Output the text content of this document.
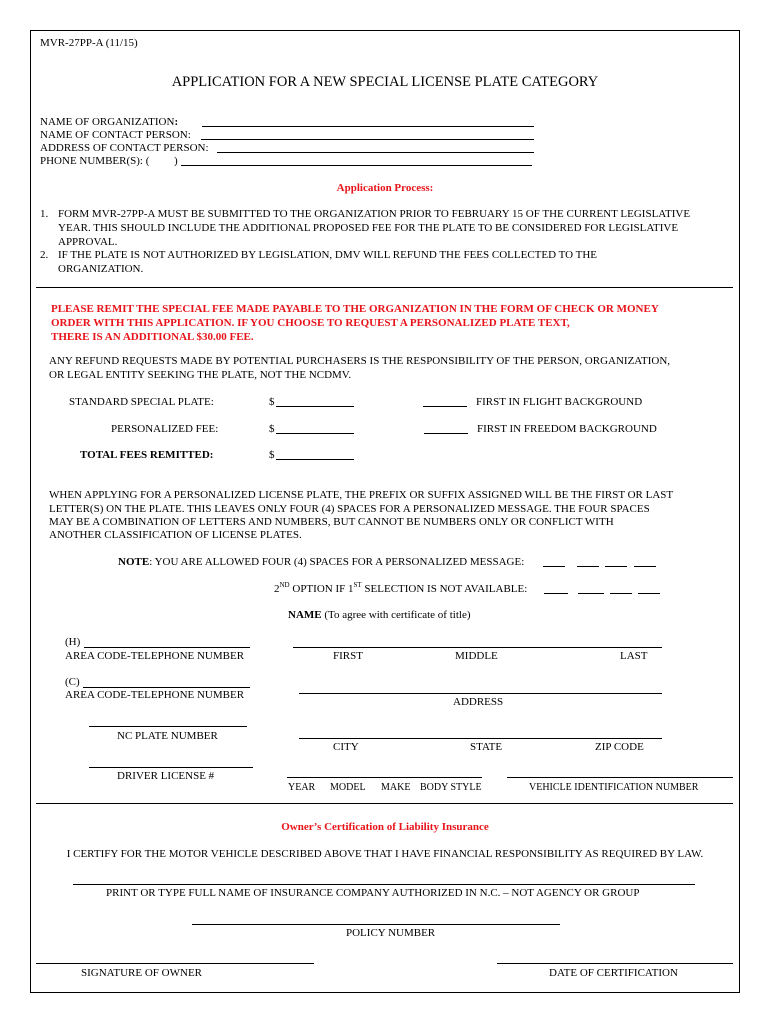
MVR-27PP-A (11/15)
APPLICATION FOR A NEW SPECIAL LICENSE PLATE CATEGORY
NAME OF ORGANIZATION:
NAME OF CONTACT PERSON:
ADDRESS OF CONTACT PERSON:
PHONE NUMBER(S): ( )
Application Process:
1. FORM MVR-27PP-A MUST BE SUBMITTED TO THE ORGANIZATION PRIOR TO FEBRUARY 15 OF THE CURRENT LEGISLATIVE
YEAR. THIS SHOULD INCLUDE THE ADDITIONAL PROPOSED FEE FOR THE PLATE TO BE CONSIDERED FOR LEGISLATIVE
APPROVAL.
2. IF THE PLATE IS NOT AUTHORIZED BY LEGISLATION, DMV WILL REFUND THE FEES COLLECTED TO THE
ORGANIZATION.
PLEASE REMIT THE SPECIAL FEE MADE PAYABLE TO THE ORGANIZATION IN THE FORM OF CHECK OR MONEY
ORDER WITH THIS APPLICATION. IF YOU CHOOSE TO REQUEST A PERSONALIZED PLATE TEXT,
THERE IS AN ADDITIONAL $30.00 FEE.
ANY REFUND REQUESTS MADE BY POTENTIAL PURCHASERS IS THE RESPONSIBILITY OF THE PERSON, ORGANIZATION,
OR LEGAL ENTITY SEEKING THE PLATE, NOT THE NCDMV.
STANDARD SPECIAL PLATE:	$	FIRST IN FLIGHT BACKGROUND
PERSONALIZED FEE:	$	FIRST IN FREEDOM BACKGROUND
TOTAL FEES REMITTED:	$
WHEN APPLYING FOR A PERSONALIZED LICENSE PLATE, THE PREFIX OR SUFFIX ASSIGNED WILL BE THE FIRST OR LAST
LETTER(S) ON THE PLATE. THIS LEAVES ONLY FOUR (4) SPACES FOR A PERSONALIZED MESSAGE. THE FOUR SPACES
MAY BE A COMBINATION OF LETTERS AND NUMBERS, BUT CANNOT BE NUMBERS ONLY OR CONFLICT WITH
ANOTHER CLASSIFICATION OF LICENSE PLATES.
NOTE: YOU ARE ALLOWED FOUR (4) SPACES FOR A PERSONALIZED MESSAGE:
2ND OPTION IF 1ST SELECTION IS NOT AVAILABLE:
NAME (To agree with certificate of title)
(H)
AREA CODE-TELEPHONE NUMBER	FIRST	MIDDLE	LAST
(C)
AREA CODE-TELEPHONE NUMBER
ADDRESS
NC PLATE NUMBER
CITY	STATE	ZIP CODE
DRIVER LICENSE #
YEAR MODEL MAKE BODY STYLE	VEHICLE IDENTIFICATION NUMBER
Owner’s Certification of Liability Insurance
I CERTIFY FOR THE MOTOR VEHICLE DESCRIBED ABOVE THAT I HAVE FINANCIAL RESPONSIBILITY AS REQUIRED BY LAW.
PRINT OR TYPE FULL NAME OF INSURANCE COMPANY AUTHORIZED IN N.C. – NOT AGENCY OR GROUP
POLICY NUMBER
SIGNATURE OF OWNER	DATE OF CERTIFICATION
